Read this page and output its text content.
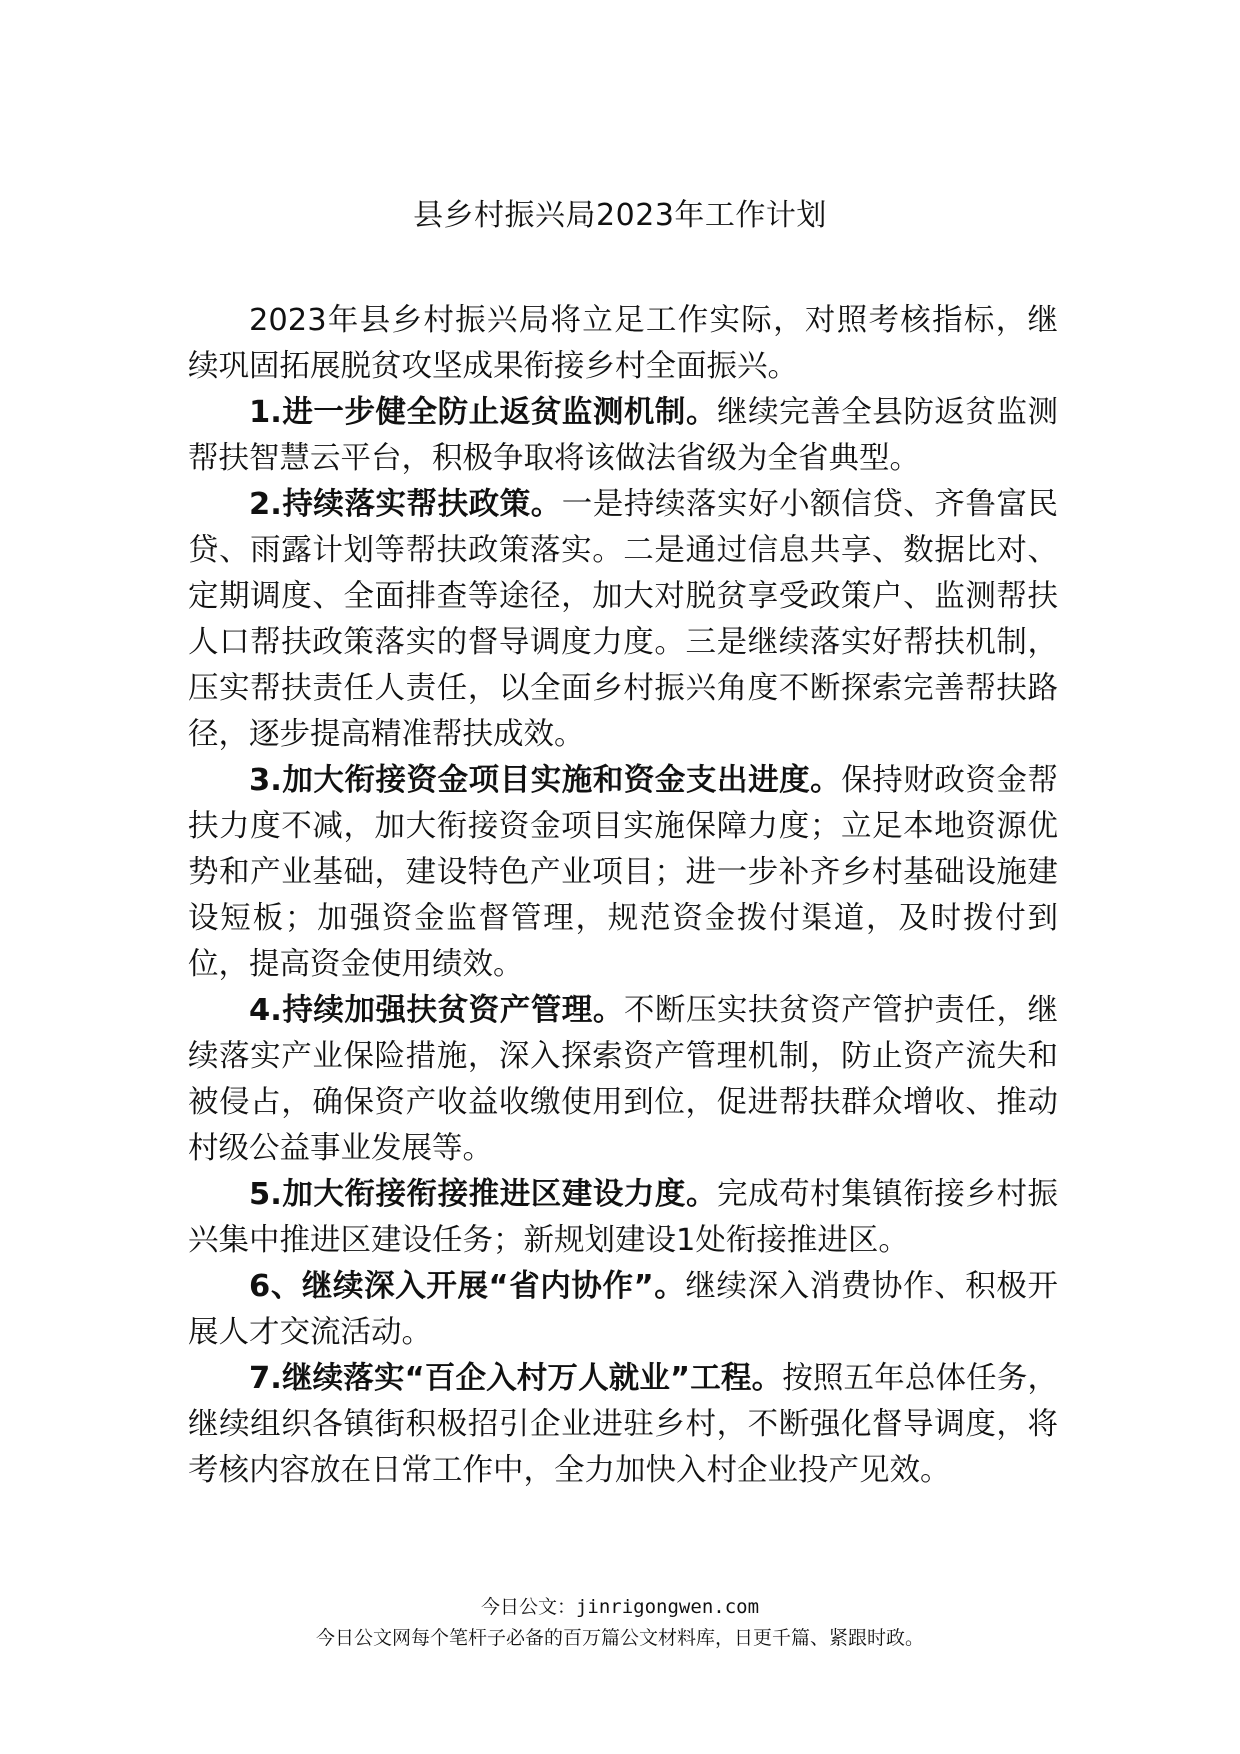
县乡村振兴局2023年工作计划

2023年县乡村振兴局将立足工作实际，对照考核指标，继续巩固拓展脱贫攻坚成果衔接乡村全面振兴。

1.进一步健全防止返贫监测机制。继续完善全县防返贫监测帮扶智慧云平台，积极争取将该做法省级为全省典型。

2.持续落实帮扶政策。一是持续落实好小额信贷、齐鲁富民贷、雨露计划等帮扶政策落实。二是通过信息共享、数据比对、定期调度、全面排查等途径，加大对脱贫享受政策户、监测帮扶人口帮扶政策落实的督导调度力度。三是继续落实好帮扶机制，压实帮扶责任人责任，以全面乡村振兴角度不断探索完善帮扶路径，逐步提高精准帮扶成效。

3.加大衔接资金项目实施和资金支出进度。保持财政资金帮扶力度不减，加大衔接资金项目实施保障力度；立足本地资源优势和产业基础，建设特色产业项目；进一步补齐乡村基础设施建设短板；加强资金监督管理，规范资金拨付渠道，及时拨付到位，提高资金使用绩效。

4.持续加强扶贫资产管理。不断压实扶贫资产管护责任，继续落实产业保险措施，深入探索资产管理机制，防止资产流失和被侵占，确保资产收益收缴使用到位，促进帮扶群众增收、推动村级公益事业发展等。

5.加大衔接衔接推进区建设力度。完成苟村集镇衔接乡村振兴集中推进区建设任务；新规划建设1处衔接推进区。

6、继续深入开展“省内协作”。继续深入消费协作、积极开展人才交流活动。

7.继续落实“百企入村万人就业”工程。按照五年总体任务，继续组织各镇街积极招引企业进驻乡村，不断强化督导调度，将考核内容放在日常工作中，全力加快入村企业投产见效。

今日公文：jinrigongwen.com
今日公文网每个笔杆子必备的百万篇公文材料库，日更千篇、紧跟时政。
